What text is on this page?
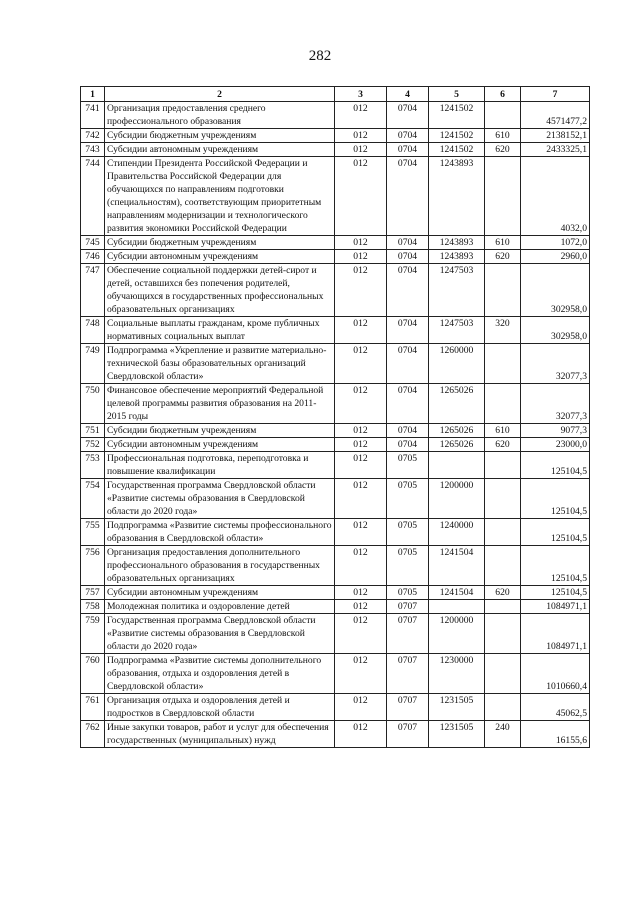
282
1	2	3	4	5	6	7
741	Организация предоставления среднего профессионального образования	012	0704	1241502		4571477,2
742	Субсидии бюджетным учреждениям	012	0704	1241502	610	2138152,1
743	Субсидии автономным учреждениям	012	0704	1241502	620	2433325,1
744	Стипендии Президента Российской Федерации и Правительства Российской Федерации для обучающихся по направлениям подготовки (специальностям), соответствующим приоритетным направлениям модернизации и технологического развития экономики Российской Федерации	012	0704	1243893		4032,0
745	Субсидии бюджетным учреждениям	012	0704	1243893	610	1072,0
746	Субсидии автономным учреждениям	012	0704	1243893	620	2960,0
747	Обеспечение социальной поддержки детей-сирот и детей, оставшихся без попечения родителей, обучающихся в государственных профессиональных образовательных организациях	012	0704	1247503		302958,0
748	Социальные выплаты гражданам, кроме публичных нормативных социальных выплат	012	0704	1247503	320	302958,0
749	Подпрограмма «Укрепление и развитие материально-технической базы образовательных организаций Свердловской области»	012	0704	1260000		32077,3
750	Финансовое обеспечение мероприятий Федеральной целевой программы развития образования на 2011-2015 годы	012	0704	1265026		32077,3
751	Субсидии бюджетным учреждениям	012	0704	1265026	610	9077,3
752	Субсидии автономным учреждениям	012	0704	1265026	620	23000,0
753	Профессиональная подготовка, переподготовка и повышение квалификации	012	0705			125104,5
754	Государственная программа Свердловской области «Развитие системы образования в Свердловской области до 2020 года»	012	0705	1200000		125104,5
755	Подпрограмма «Развитие системы профессионального образования в Свердловской области»	012	0705	1240000		125104,5
756	Организация предоставления дополнительного профессионального образования в государственных образовательных организациях	012	0705	1241504		125104,5
757	Субсидии автономным учреждениям	012	0705	1241504	620	125104,5
758	Молодежная политика и оздоровление детей	012	0707			1084971,1
759	Государственная программа Свердловской области «Развитие системы образования в Свердловской области до 2020 года»	012	0707	1200000		1084971,1
760	Подпрограмма «Развитие системы дополнительного образования, отдыха и оздоровления детей в Свердловской области»	012	0707	1230000		1010660,4
761	Организация отдыха и оздоровления детей и подростков в Свердловской области	012	0707	1231505		45062,5
762	Иные закупки товаров, работ и услуг для обеспечения государственных (муниципальных) нужд	012	0707	1231505	240	16155,6
